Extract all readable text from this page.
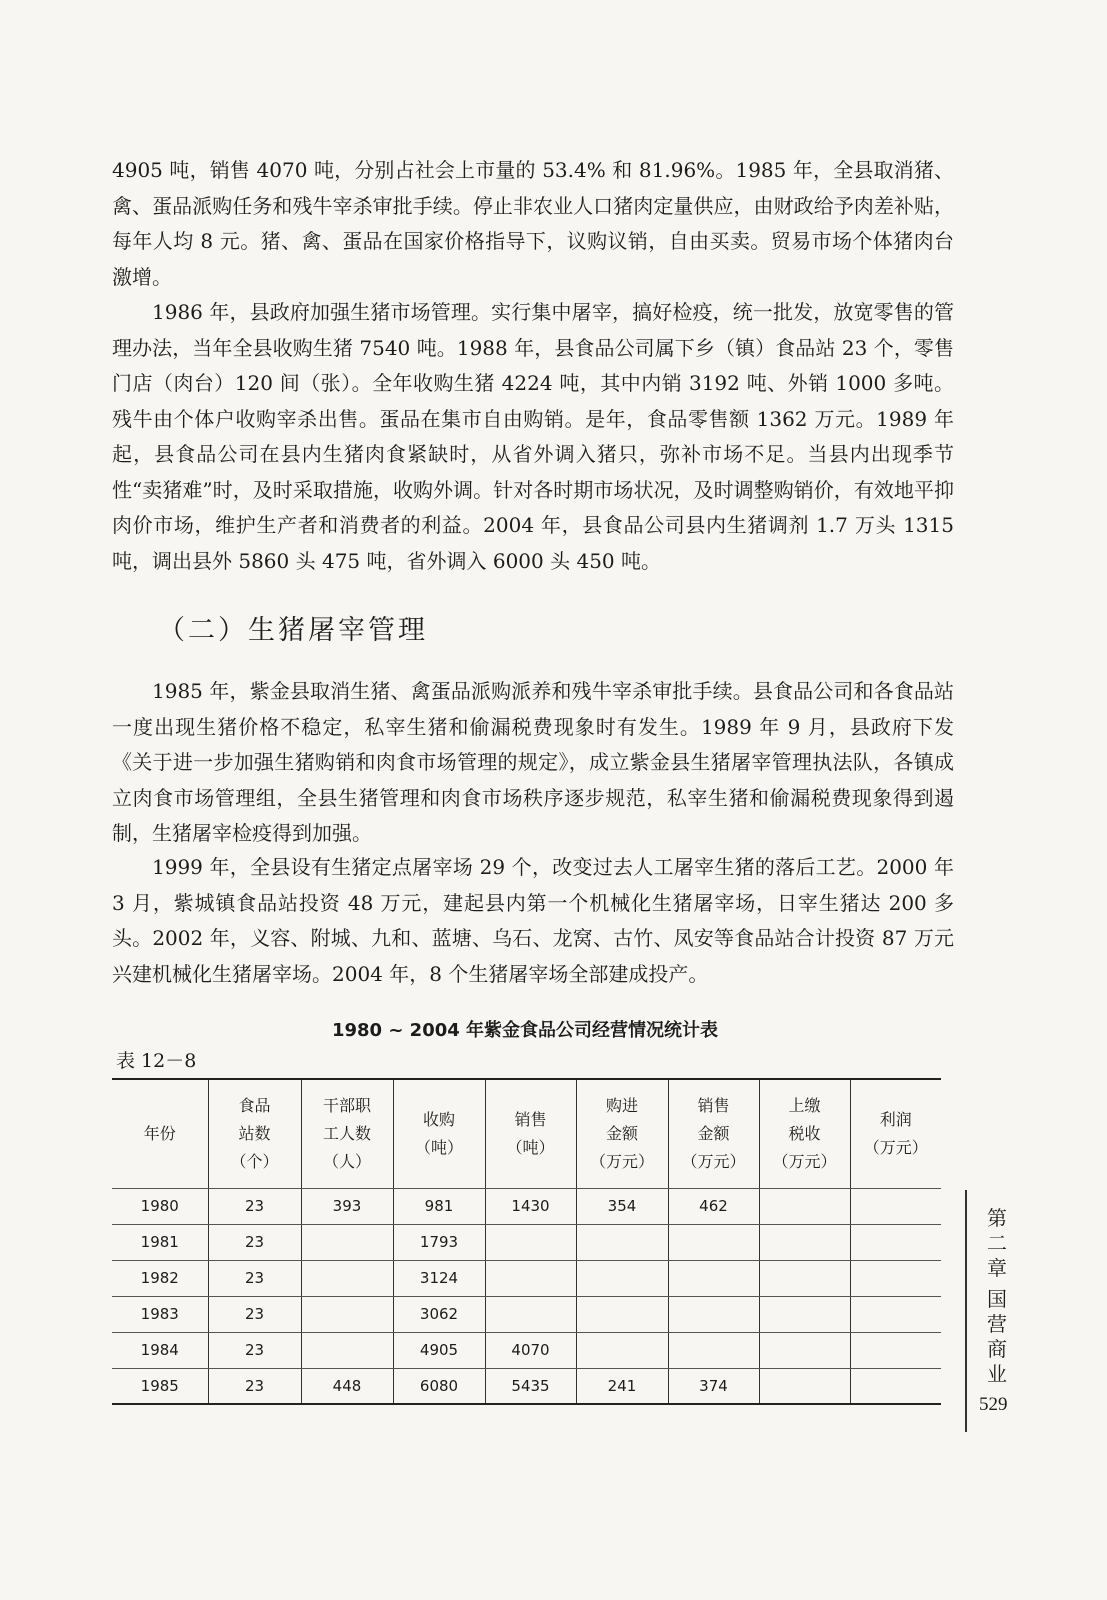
4905 吨，销售 4070 吨，分别占社会上市量的 53.4% 和 81.96%。1985 年，全县取消猪、禽、蛋品派购任务和残牛宰杀审批手续。停止非农业人口猪肉定量供应，由财政给予肉差补贴，每年人均 8 元。猪、禽、蛋品在国家价格指导下，议购议销，自由买卖。贸易市场个体猪肉台激增。

1986 年，县政府加强生猪市场管理。实行集中屠宰，搞好检疫，统一批发，放宽零售的管理办法，当年全县收购生猪 7540 吨。1988 年，县食品公司属下乡（镇）食品站 23 个，零售门店（肉台）120 间（张）。全年收购生猪 4224 吨，其中内销 3192 吨、外销 1000 多吨。残牛由个体户收购宰杀出售。蛋品在集市自由购销。是年，食品零售额 1362 万元。1989 年起，县食品公司在县内生猪肉食紧缺时，从省外调入猪只，弥补市场不足。当县内出现季节性“卖猪难”时，及时采取措施，收购外调。针对各时期市场状况，及时调整购销价，有效地平抑肉价市场，维护生产者和消费者的利益。2004 年，县食品公司县内生猪调剂 1.7 万头 1315 吨，调出县外 5860 头 475 吨，省外调入 6000 头 450 吨。

（二）生猪屠宰管理

1985 年，紫金县取消生猪、禽蛋品派购派养和残牛宰杀审批手续。县食品公司和各食品站一度出现生猪价格不稳定，私宰生猪和偷漏税费现象时有发生。1989 年 9 月，县政府下发《关于进一步加强生猪购销和肉食市场管理的规定》，成立紫金县生猪屠宰管理执法队，各镇成立肉食市场管理组，全县生猪管理和肉食市场秩序逐步规范，私宰生猪和偷漏税费现象得到遏制，生猪屠宰检疫得到加强。

1999 年，全县设有生猪定点屠宰场 29 个，改变过去人工屠宰生猪的落后工艺。2000 年 3 月，紫城镇食品站投资 48 万元，建起县内第一个机械化生猪屠宰场，日宰生猪达 200 多头。2002 年，义容、附城、九和、蓝塘、乌石、龙窝、古竹、凤安等食品站合计投资 87 万元兴建机械化生猪屠宰场。2004 年，8 个生猪屠宰场全部建成投产。

1980 ~ 2004 年紫金食品公司经营情况统计表
表 12－8
年份	食品
站数
（个）	干部职
工人数
（人）	收购
（吨）	销售
（吨）	购进
金额
（万元）	销售
金额
（万元）	上缴
税收
（万元）	利润
（万元）

1980	23	393	981	1430	354	462		
1981	23		1793					
1982	23		3124					
1983	23		3062					
1984	23		4905	4070				
1985	23	448	6080	5435	241	374		
第二章
国营商业
529
